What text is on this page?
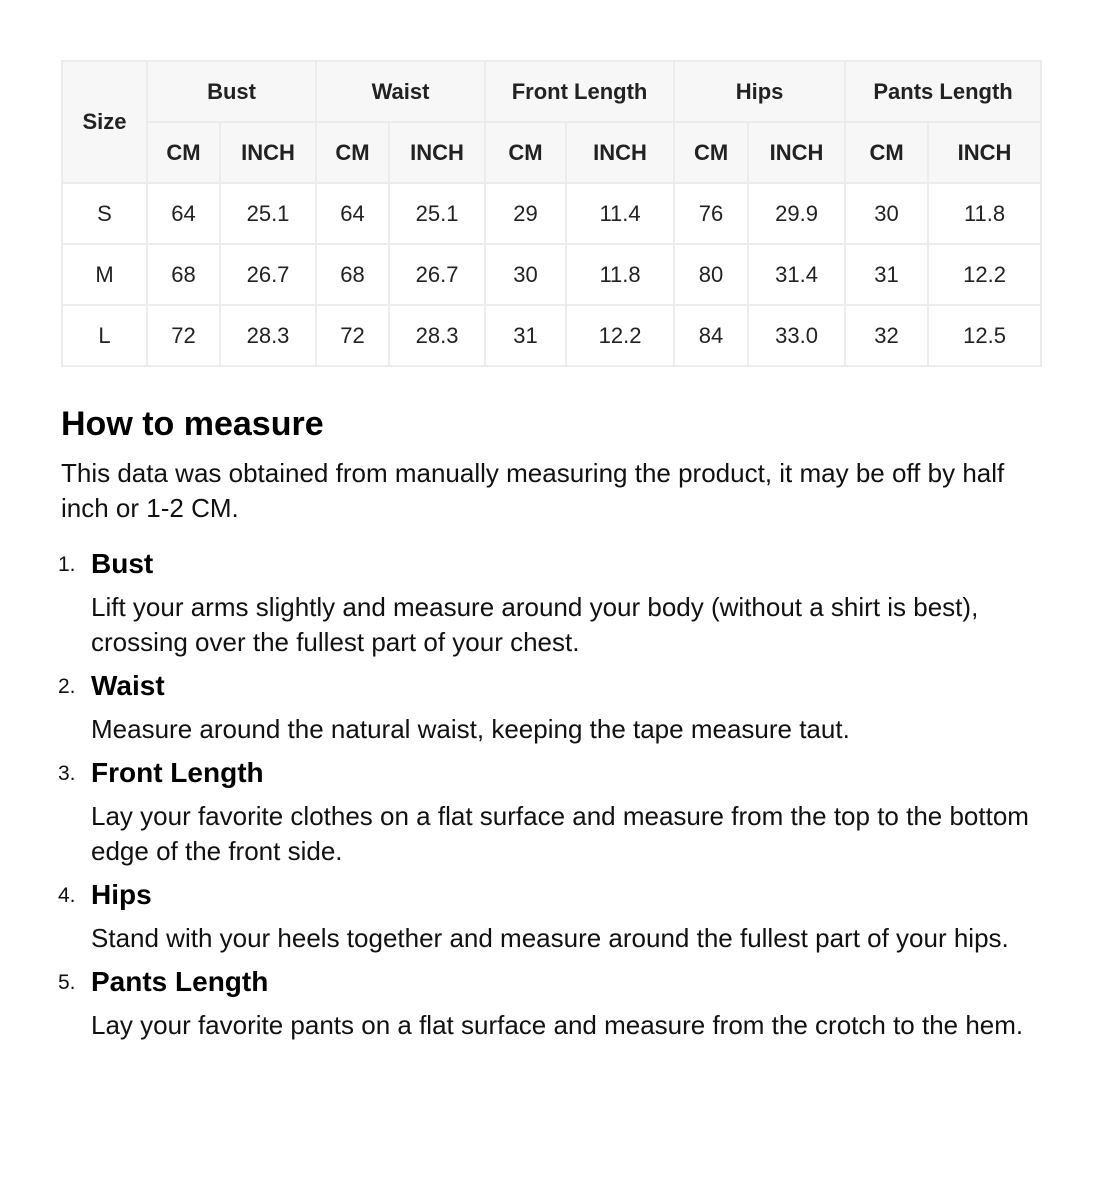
Size	Bust		Waist		Front Length		Hips		Pants Length	
	CM	INCH	CM	INCH	CM	INCH	CM	INCH	CM	INCH
S	64	25.1	64	25.1	29	11.4	76	29.9	30	11.8
M	68	26.7	68	26.7	30	11.8	80	31.4	31	12.2
L	72	28.3	72	28.3	31	12.2	84	33.0	32	12.5
How to measure

This data was obtained from manually measuring the product, it may be off by half inch or 1-2 CM.

1. Bust
Lift your arms slightly and measure around your body (without a shirt is best), crossing over the fullest part of your chest.
2. Waist
Measure around the natural waist, keeping the tape measure taut.
3. Front Length
Lay your favorite clothes on a flat surface and measure from the top to the bottom edge of the front side.
4. Hips
Stand with your heels together and measure around the fullest part of your hips.
5. Pants Length
Lay your favorite pants on a flat surface and measure from the crotch to the hem.
